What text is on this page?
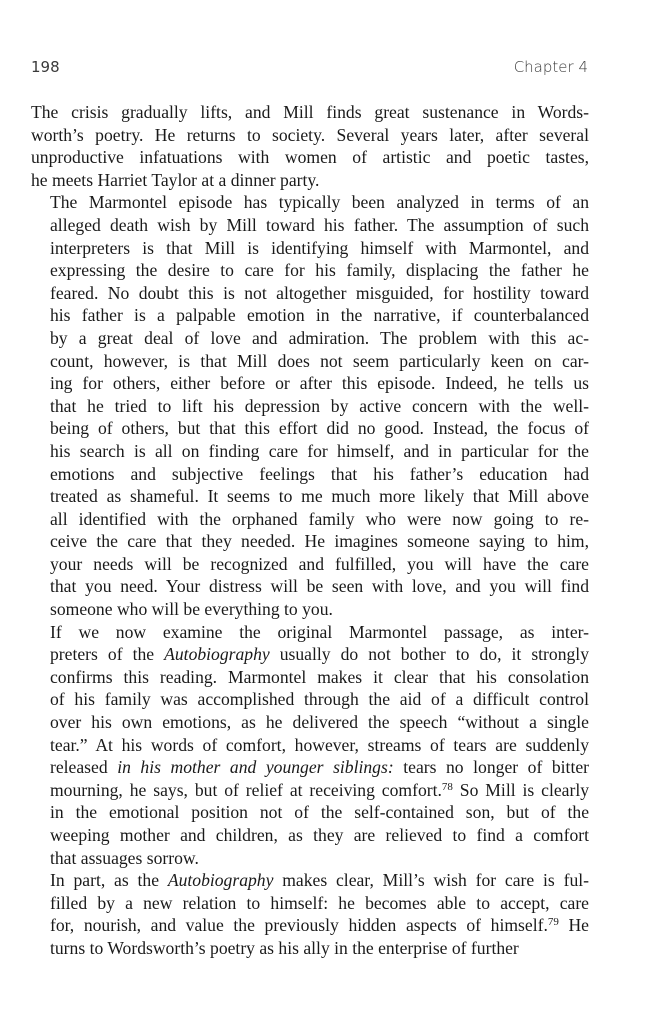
198	Chapter 4

The crisis gradually lifts, and Mill finds great sustenance in Words-
worth’s poetry. He returns to society. Several years later, after several
unproductive infatuations with women of artistic and poetic tastes,
he meets Harriet Taylor at a dinner party.

The Marmontel episode has typically been analyzed in terms of an
alleged death wish by Mill toward his father. The assumption of such
interpreters is that Mill is identifying himself with Marmontel, and
expressing the desire to care for his family, displacing the father he
feared. No doubt this is not altogether misguided, for hostility toward
his father is a palpable emotion in the narrative, if counterbalanced
by a great deal of love and admiration. The problem with this ac-
count, however, is that Mill does not seem particularly keen on car-
ing for others, either before or after this episode. Indeed, he tells us
that he tried to lift his depression by active concern with the well-
being of others, but that this effort did no good. Instead, the focus of
his search is all on finding care for himself, and in particular for the
emotions and subjective feelings that his father’s education had
treated as shameful. It seems to me much more likely that Mill above
all identified with the orphaned family who were now going to re-
ceive the care that they needed. He imagines someone saying to him,
your needs will be recognized and fulfilled, you will have the care
that you need. Your distress will be seen with love, and you will find
someone who will be everything to you.

If we now examine the original Marmontel passage, as inter-
preters of the Autobiography usually do not bother to do, it strongly
confirms this reading. Marmontel makes it clear that his consolation
of his family was accomplished through the aid of a difficult control
over his own emotions, as he delivered the speech “without a single
tear.” At his words of comfort, however, streams of tears are suddenly
released in his mother and younger siblings: tears no longer of bitter
mourning, he says, but of relief at receiving comfort.$^{78}$ So Mill is clearly
in the emotional position not of the self-contained son, but of the
weeping mother and children, as they are relieved to find a comfort
that assuages sorrow.

In part, as the Autobiography makes clear, Mill’s wish for care is ful-
filled by a new relation to himself: he becomes able to accept, care
for, nourish, and value the previously hidden aspects of himself.$^{79}$ He
turns to Wordsworth’s poetry as his ally in the enterprise of further
